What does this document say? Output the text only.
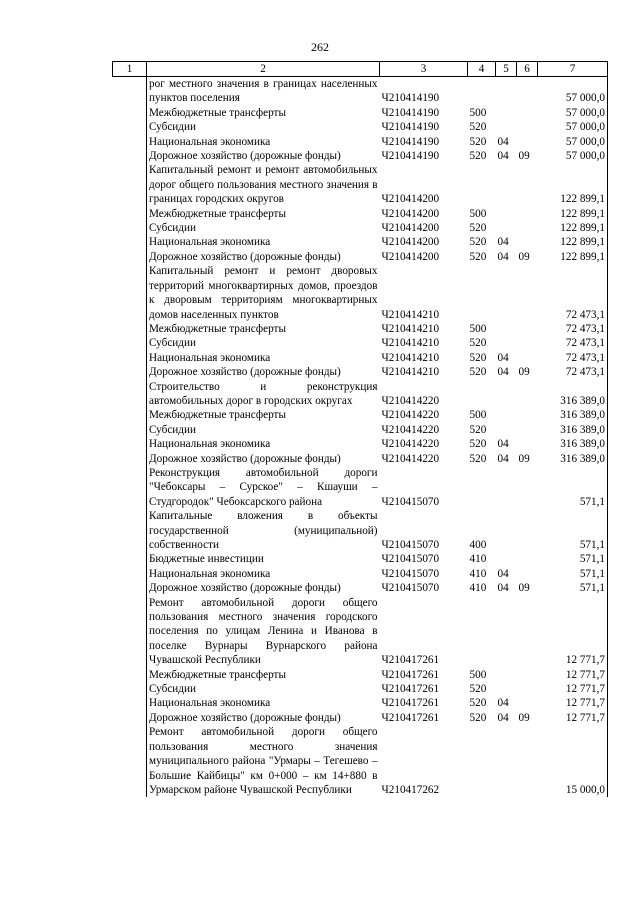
262
1	2	3	4	5	6	7
	рог местного значения в границах населенных пунктов поселения	Ч210414190				57 000,0
	Межбюджетные трансферты	Ч210414190	500			57 000,0
	Субсидии	Ч210414190	520			57 000,0
	Национальная экономика	Ч210414190	520	04		57 000,0
	Дорожное хозяйство (дорожные фонды)	Ч210414190	520	04	09	57 000,0
	Капитальный ремонт и ремонт автомобильных дорог общего пользования местного значения в границах городских округов	Ч210414200				122 899,1
	Межбюджетные трансферты	Ч210414200	500			122 899,1
	Субсидии	Ч210414200	520			122 899,1
	Национальная экономика	Ч210414200	520	04		122 899,1
	Дорожное хозяйство (дорожные фонды)	Ч210414200	520	04	09	122 899,1
	Капитальный ремонт и ремонт дворовых территорий многоквартирных домов, проездов к дворовым территориям многоквартирных домов населенных пунктов	Ч210414210				72 473,1
	Межбюджетные трансферты	Ч210414210	500			72 473,1
	Субсидии	Ч210414210	520			72 473,1
	Национальная экономика	Ч210414210	520	04		72 473,1
	Дорожное хозяйство (дорожные фонды)	Ч210414210	520	04	09	72 473,1
	Строительство и реконструкция автомобильных дорог в городских округах	Ч210414220				316 389,0
	Межбюджетные трансферты	Ч210414220	500			316 389,0
	Субсидии	Ч210414220	520			316 389,0
	Национальная экономика	Ч210414220	520	04		316 389,0
	Дорожное хозяйство (дорожные фонды)	Ч210414220	520	04	09	316 389,0
	Реконструкция автомобильной дороги "Чебоксары – Сурское" – Кшауши – Студгородок" Чебоксарского района	Ч210415070				571,1
	Капитальные вложения в объекты государственной (муниципальной) собственности	Ч210415070	400			571,1
	Бюджетные инвестиции	Ч210415070	410			571,1
	Национальная экономика	Ч210415070	410	04		571,1
	Дорожное хозяйство (дорожные фонды)	Ч210415070	410	04	09	571,1
	Ремонт автомобильной дороги общего пользования местного значения городского поселения по улицам Ленина и Иванова в поселке Вурнары Вурнарского района Чувашской Республики	Ч210417261				12 771,7
	Межбюджетные трансферты	Ч210417261	500			12 771,7
	Субсидии	Ч210417261	520			12 771,7
	Национальная экономика	Ч210417261	520	04		12 771,7
	Дорожное хозяйство (дорожные фонды)	Ч210417261	520	04	09	12 771,7
	Ремонт автомобильной дороги общего пользования местного значения муниципального района "Урмары – Тегешево – Большие Кайбицы" км 0+000 – км 14+880 в Урмарском районе Чувашской Республики	Ч210417262				15 000,0
